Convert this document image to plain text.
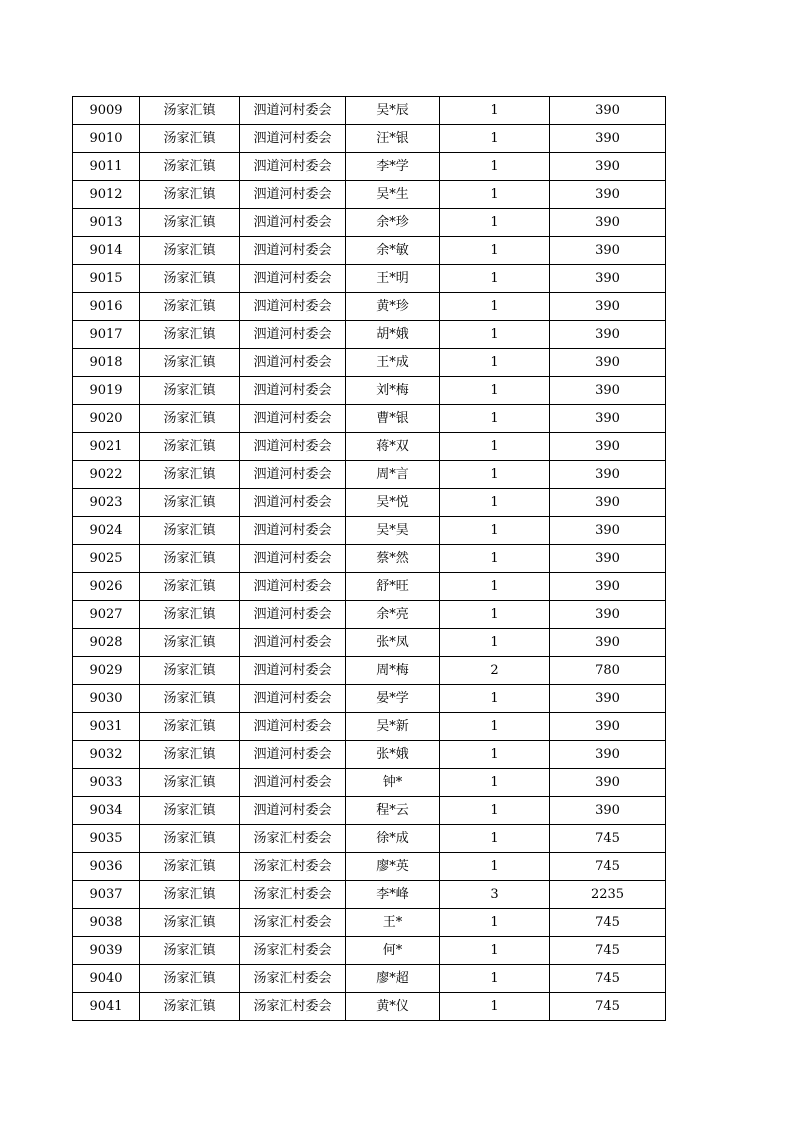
9009	汤家汇镇	泗道河村委会	吴*辰	1	390
9010	汤家汇镇	泗道河村委会	汪*银	1	390
9011	汤家汇镇	泗道河村委会	李*学	1	390
9012	汤家汇镇	泗道河村委会	吴*生	1	390
9013	汤家汇镇	泗道河村委会	余*珍	1	390
9014	汤家汇镇	泗道河村委会	余*敏	1	390
9015	汤家汇镇	泗道河村委会	王*明	1	390
9016	汤家汇镇	泗道河村委会	黄*珍	1	390
9017	汤家汇镇	泗道河村委会	胡*娥	1	390
9018	汤家汇镇	泗道河村委会	王*成	1	390
9019	汤家汇镇	泗道河村委会	刘*梅	1	390
9020	汤家汇镇	泗道河村委会	曹*银	1	390
9021	汤家汇镇	泗道河村委会	蒋*双	1	390
9022	汤家汇镇	泗道河村委会	周*言	1	390
9023	汤家汇镇	泗道河村委会	吴*悦	1	390
9024	汤家汇镇	泗道河村委会	吴*昊	1	390
9025	汤家汇镇	泗道河村委会	蔡*然	1	390
9026	汤家汇镇	泗道河村委会	舒*旺	1	390
9027	汤家汇镇	泗道河村委会	余*亮	1	390
9028	汤家汇镇	泗道河村委会	张*凤	1	390
9029	汤家汇镇	泗道河村委会	周*梅	2	780
9030	汤家汇镇	泗道河村委会	晏*学	1	390
9031	汤家汇镇	泗道河村委会	吴*新	1	390
9032	汤家汇镇	泗道河村委会	张*娥	1	390
9033	汤家汇镇	泗道河村委会	钟*	1	390
9034	汤家汇镇	泗道河村委会	程*云	1	390
9035	汤家汇镇	汤家汇村委会	徐*成	1	745
9036	汤家汇镇	汤家汇村委会	廖*英	1	745
9037	汤家汇镇	汤家汇村委会	李*峰	3	2235
9038	汤家汇镇	汤家汇村委会	王*	1	745
9039	汤家汇镇	汤家汇村委会	何*	1	745
9040	汤家汇镇	汤家汇村委会	廖*超	1	745
9041	汤家汇镇	汤家汇村委会	黄*仪	1	745
